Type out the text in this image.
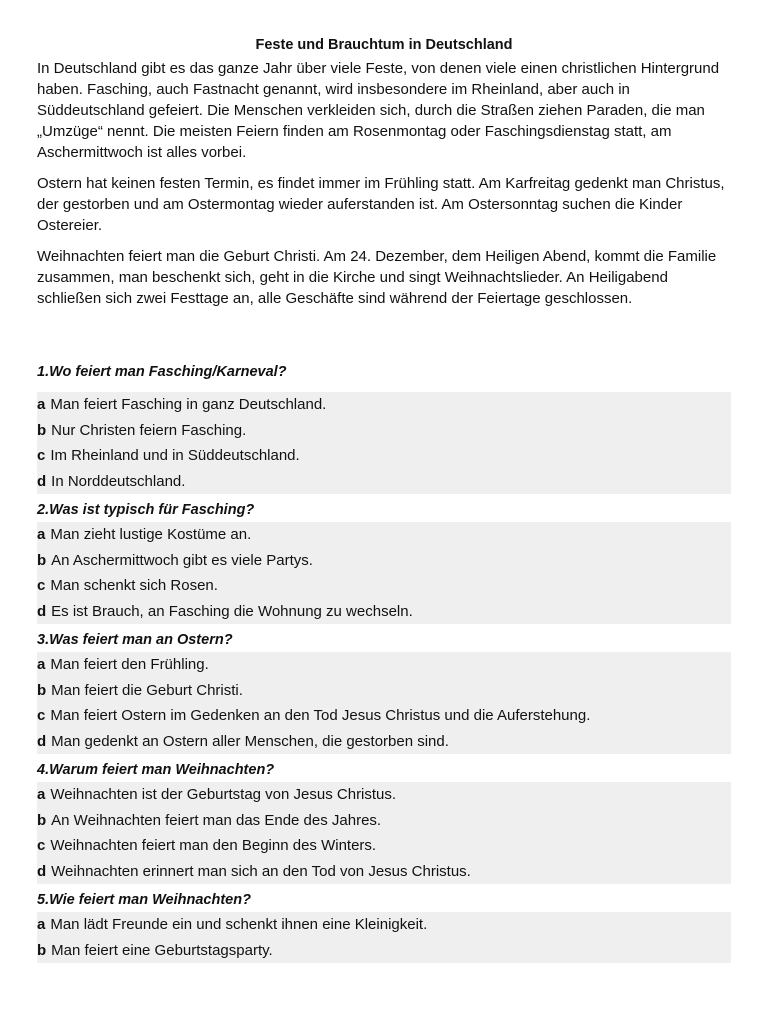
Feste und Brauchtum in Deutschland

In Deutschland gibt es das ganze Jahr über viele Feste, von denen viele einen christlichen Hintergrund haben. Fasching, auch Fastnacht genannt, wird insbesondere im Rheinland, aber auch in Süddeutschland gefeiert. Die Menschen verkleiden sich, durch die Straßen ziehen Paraden, die man „Umzüge“ nennt. Die meisten Feiern finden am Rosenmontag oder Faschingsdienstag statt, am Aschermittwoch ist alles vorbei.

Ostern hat keinen festen Termin, es findet immer im Frühling statt. Am Karfreitag gedenkt man Christus, der gestorben und am Ostermontag wieder auferstanden ist. Am Ostersonntag suchen die Kinder Ostereier.

Weihnachten feiert man die Geburt Christi. Am 24. Dezember, dem Heiligen Abend, kommt die Familie zusammen, man beschenkt sich, geht in die Kirche und singt Weihnachtslieder. An Heiligabend schließen sich zwei Festtage an, alle Geschäfte sind während der Feiertage geschlossen.

1.Wo feiert man Fasching/Karneval?
a Man feiert Fasching in ganz Deutschland.
b Nur Christen feiern Fasching.
c Im Rheinland und in Süddeutschland.
d In Norddeutschland.
2.Was ist typisch für Fasching?
a Man zieht lustige Kostüme an.
b An Aschermittwoch gibt es viele Partys.
c Man schenkt sich Rosen.
d Es ist Brauch, an Fasching die Wohnung zu wechseln.
3.Was feiert man an Ostern?
a Man feiert den Frühling.
b Man feiert die Geburt Christi.
c Man feiert Ostern im Gedenken an den Tod Jesus Christus und die Auferstehung.
d Man gedenkt an Ostern aller Menschen, die gestorben sind.
4.Warum feiert man Weihnachten?
a Weihnachten ist der Geburtstag von Jesus Christus.
b An Weihnachten feiert man das Ende des Jahres.
c Weihnachten feiert man den Beginn des Winters.
d Weihnachten erinnert man sich an den Tod von Jesus Christus.
5.Wie feiert man Weihnachten?
a Man lädt Freunde ein und schenkt ihnen eine Kleinigkeit.
b Man feiert eine Geburtstagsparty.
